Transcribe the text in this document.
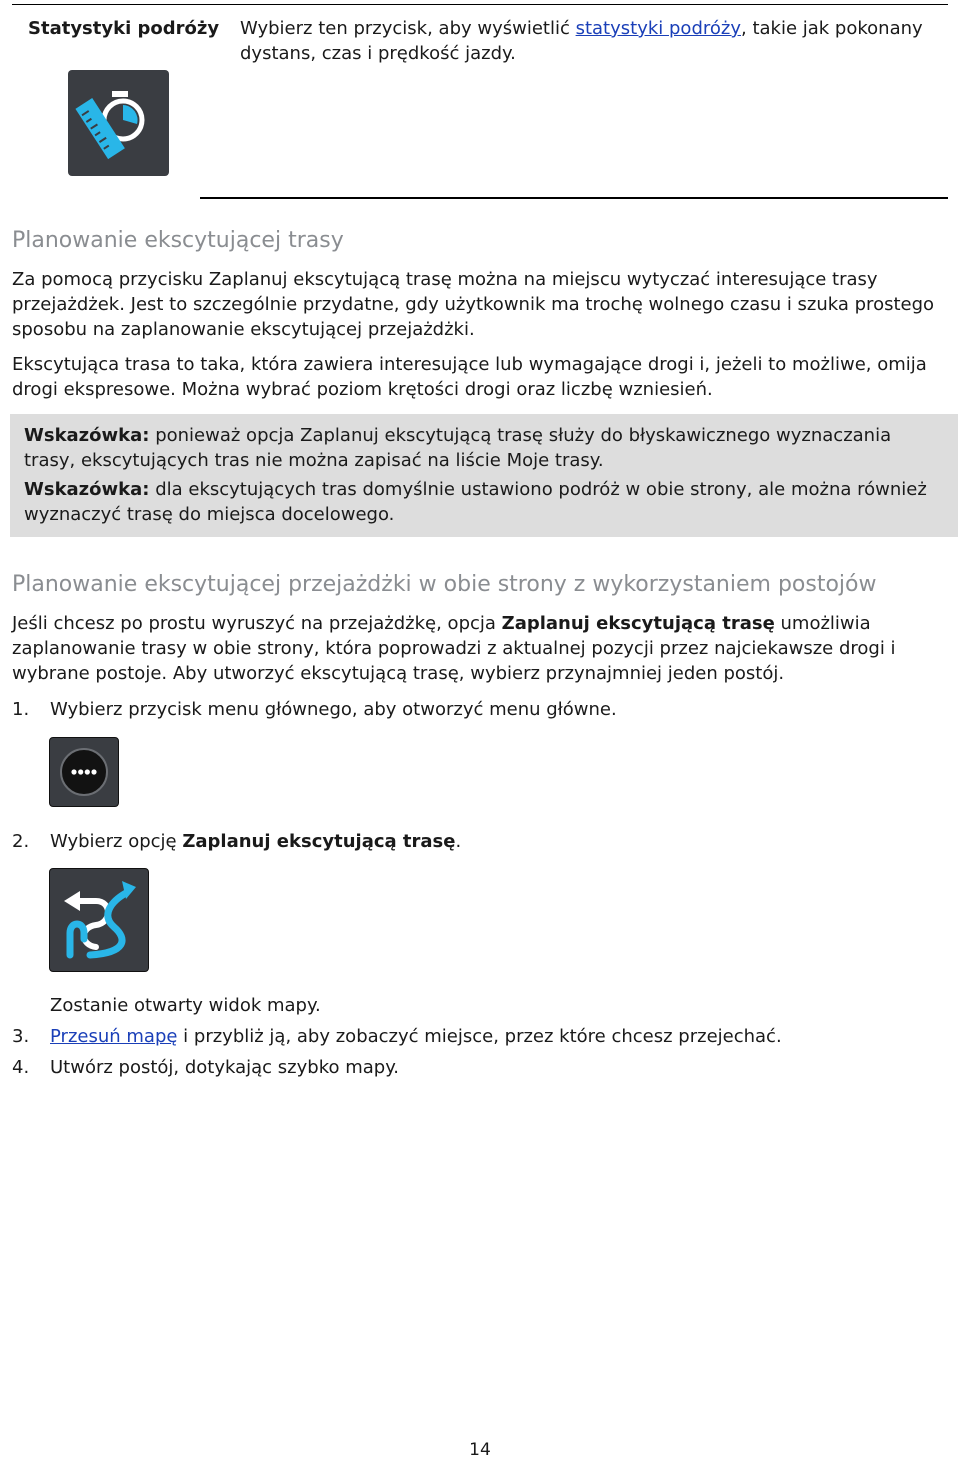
Statystyki podróży Wybierz ten przycisk, aby wyświetlić statystyki podróży, takie jak pokonany dystans, czas i prędkość jazdy.
Planowanie ekscytującej trasy
Za pomocą przycisku Zaplanuj ekscytującą trasę można na miejscu wytyczać interesujące trasy przejażdżek. Jest to szczególnie przydatne, gdy użytkownik ma trochę wolnego czasu i szuka prostego sposobu na zaplanowanie ekscytującej przejażdżki.
Ekscytująca trasa to taka, która zawiera interesujące lub wymagające drogi i, jeżeli to możliwe, omija drogi ekspresowe. Można wybrać poziom krętości drogi oraz liczbę wzniesień.
Wskazówka: ponieważ opcja Zaplanuj ekscytującą trasę służy do błyskawicznego wyznaczania trasy, ekscytujących tras nie można zapisać na liście Moje trasy.
Wskazówka: dla ekscytujących tras domyślnie ustawiono podróż w obie strony, ale można również wyznaczyć trasę do miejsca docelowego.
Planowanie ekscytującej przejażdżki w obie strony z wykorzystaniem postojów
Jeśli chcesz po prostu wyruszyć na przejażdżkę, opcja Zaplanuj ekscytującą trasę umożliwia zaplanowanie trasy w obie strony, która poprowadzi z aktualnej pozycji przez najciekawsze drogi i wybrane postoje. Aby utworzyć ekscytującą trasę, wybierz przynajmniej jeden postój.
1. Wybierz przycisk menu głównego, aby otworzyć menu główne.
2. Wybierz opcję Zaplanuj ekscytującą trasę.
Zostanie otwarty widok mapy.
3. Przesuń mapę i przybliż ją, aby zobaczyć miejsce, przez które chcesz przejechać.
4. Utwórz postój, dotykając szybko mapy.
14
